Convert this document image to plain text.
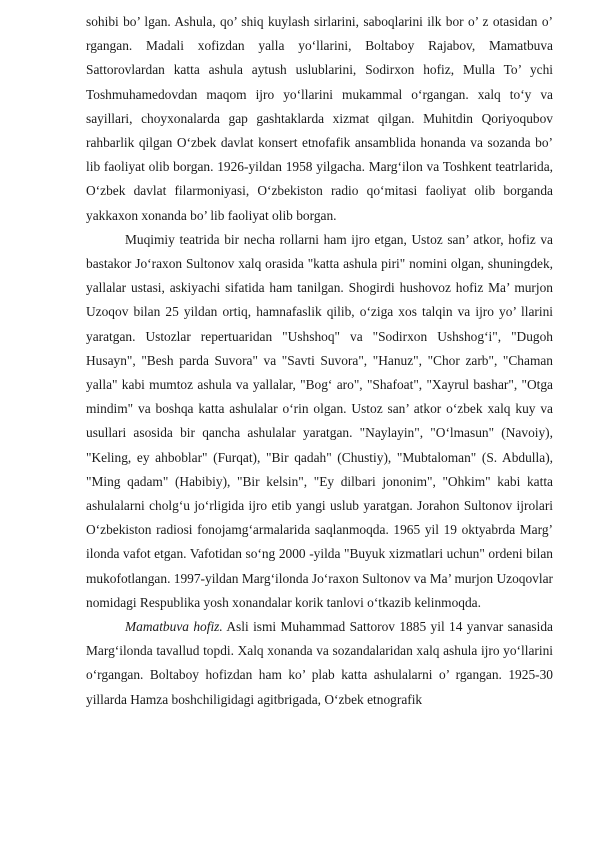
sohibi bo’ lgan. Ashula, qo’ shiq kuylash sirlarini, saboqlarini ilk bor o’ z otasidan o’ rgangan. Madali xofizdan yalla yo‘llarini, Boltaboy Rajabov, Mamatbuva Sattorovlardan katta ashula aytush uslublarini, Sodirxon hofiz, Mulla To’ ychi Toshmuhamedovdan maqom ijro yo‘llarini mukammal o‘rgangan. xalq to‘y va sayillari, choyxonalarda gap gashtaklarda xizmat qilgan. Muhitdin Qoriyoqubov rahbarlik qilgan O‘zbek davlat konsert etnofafik ansamblida honanda va sozanda bo’ lib faoliyat olib borgan. 1926-yildan 1958 yilgacha. Marg‘ilon va Toshkent teatrlarida, O‘zbek davlat filarmoniyasi, O‘zbekiston radio qo‘mitasi faoliyat olib borganda yakkaxon xonanda bo’ lib faoliyat olib borgan.

Muqimiy teatrida bir necha rollarni ham ijro etgan, Ustoz san’ atkor, hofiz va bastakor Jo‘raxon Sultonov xalq orasida "katta ashula piri" nomini olgan, shuningdek, yallalar ustasi, askiyachi sifatida ham tanilgan. Shogirdi hushovoz hofiz Ma’ murjon Uzoqov bilan 25 yildan ortiq, hamnafaslik qilib, o‘ziga xos talqin va ijro yo’ llarini yaratgan. Ustozlar repertuaridan "Ushshoq" va "Sodirxon Ushshog‘i", "Dugoh Husayn", "Besh parda Suvora" va "Savti Suvora", "Hanuz", "Chor zarb", "Chaman yalla" kabi mumtoz ashula va yallalar, "Bog‘ aro", "Shafoat", "Xayrul bashar", "Otga mindim" va boshqa katta ashulalar o‘rin olgan. Ustoz san’ atkor o‘zbek xalq kuy va usullari asosida bir qancha ashulalar yaratgan. "Naylayin", "O‘lmasun" (Navoiy), "Keling, ey ahboblar" (Furqat), "Bir qadah" (Chustiy), "Mubtaloman" (S. Abdulla), "Ming qadam" (Habibiy), "Bir kelsin", "Ey dilbari jononim", "Ohkim" kabi katta ashulalarni cholg‘u jo‘rligida ijro etib yangi uslub yaratgan. Jorahon Sultonov ijrolari O‘zbekiston radiosi fonojamg‘armalarida saqlanmoqda. 1965 yil 19 oktyabrda Marg’ ilonda vafot etgan. Vafotidan so‘ng 2000 -yilda "Buyuk xizmatlari uchun" ordeni bilan mukofotlangan. 1997-yildan Marg‘ilonda Jo‘raxon Sultonov va Ma’ murjon Uzoqovlar nomidagi Respublika yosh xonandalar korik tanlovi o‘tkazib kelinmoqda.

Mamatbuva hofiz. Asli ismi Muhammad Sattorov 1885 yil 14 yanvar sanasida Marg‘ilonda tavallud topdi. Xalq xonanda va sozandalaridan xalq ashula ijro yo‘llarini o‘rgangan. Boltaboy hofizdan ham ko’ plab katta ashulalarni o’ rgangan. 1925-30 yillarda Hamza boshchiligidagi agitbrigada, O‘zbek etnografik
